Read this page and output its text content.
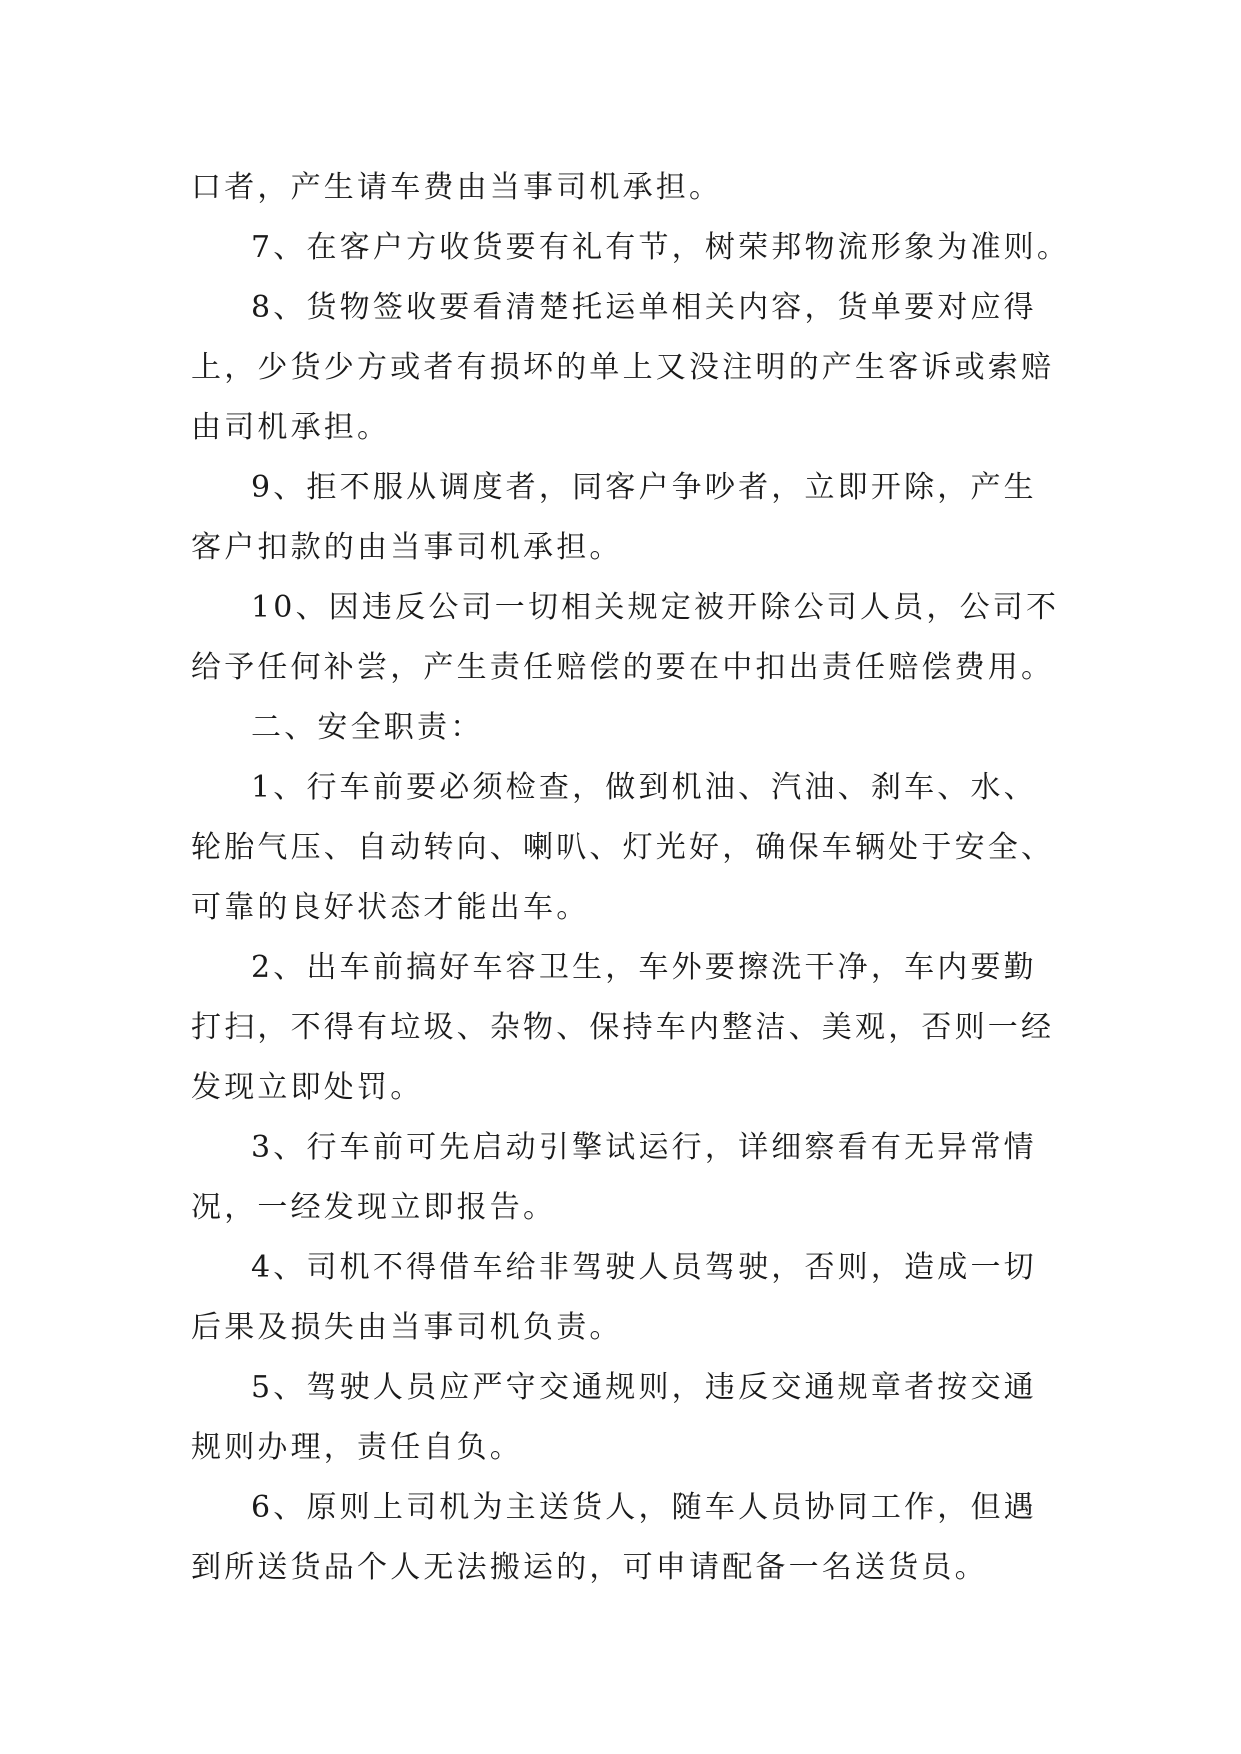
口者，产生请车费由当事司机承担。
7、在客户方收货要有礼有节，树荣邦物流形象为准则。
8、货物签收要看清楚托运单相关内容，货单要对应得
上，少货少方或者有损坏的单上又没注明的产生客诉或索赔
由司机承担。
9、拒不服从调度者，同客户争吵者，立即开除，产生
客户扣款的由当事司机承担。
10、因违反公司一切相关规定被开除公司人员，公司不
给予任何补尝，产生责任赔偿的要在中扣出责任赔偿费用。
二、安全职责：
1、行车前要必须检查，做到机油、汽油、刹车、水、
轮胎气压、自动转向、喇叭、灯光好，确保车辆处于安全、
可靠的良好状态才能出车。
2、出车前搞好车容卫生，车外要擦洗干净，车内要勤
打扫，不得有垃圾、杂物、保持车内整洁、美观，否则一经
发现立即处罚。
3、行车前可先启动引擎试运行，详细察看有无异常情
况，一经发现立即报告。
4、司机不得借车给非驾驶人员驾驶，否则，造成一切
后果及损失由当事司机负责。
5、驾驶人员应严守交通规则，违反交通规章者按交通
规则办理，责任自负。
6、原则上司机为主送货人，随车人员协同工作，但遇
到所送货品个人无法搬运的，可申请配备一名送货员。
